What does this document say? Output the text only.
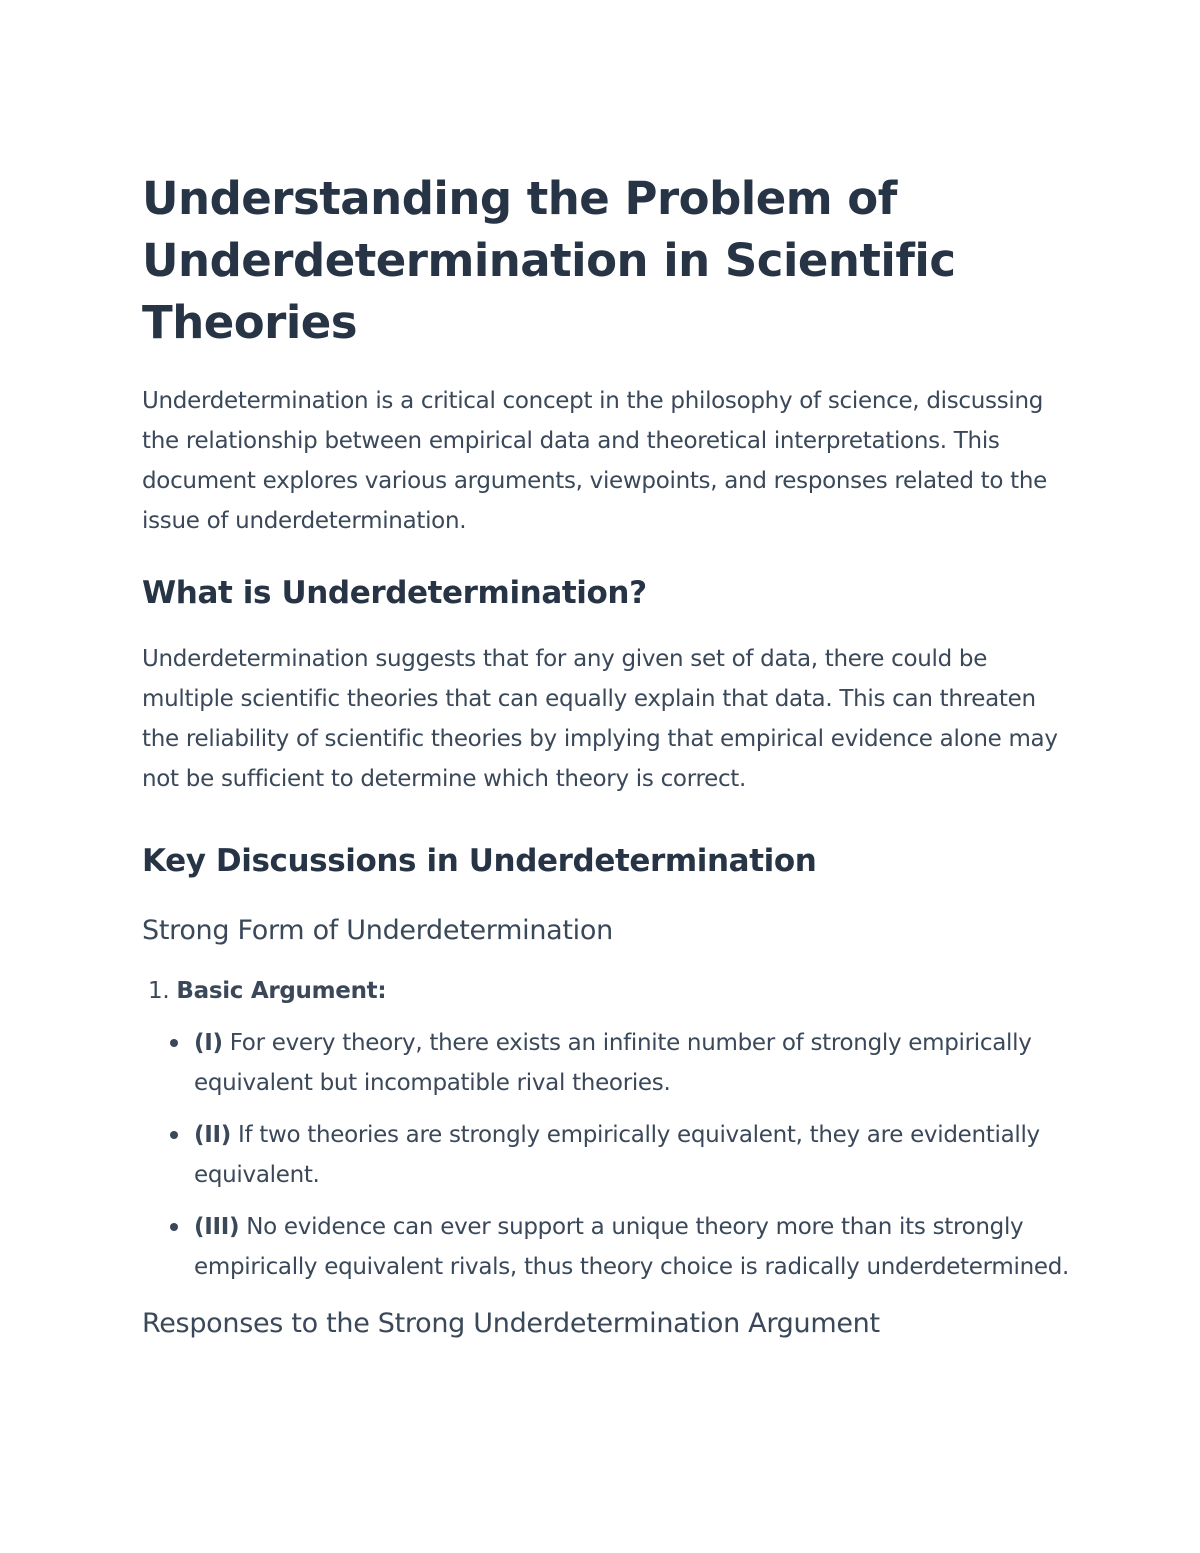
Understanding the Problem of Underdetermination in Scientific Theories

Underdetermination is a critical concept in the philosophy of science, discussing the relationship between empirical data and theoretical interpretations. This document explores various arguments, viewpoints, and responses related to the issue of underdetermination.

What is Underdetermination?

Underdetermination suggests that for any given set of data, there could be multiple scientific theories that can equally explain that data. This can threaten the reliability of scientific theories by implying that empirical evidence alone may not be sufficient to determine which theory is correct.

Key Discussions in Underdetermination
Strong Form of Underdetermination
1. Basic Argument:
(I) For every theory, there exists an infinite number of strongly empirically equivalent but incompatible rival theories.
(II) If two theories are strongly empirically equivalent, they are evidentially equivalent.
(III) No evidence can ever support a unique theory more than its strongly empirically equivalent rivals, thus theory choice is radically underdetermined.
Responses to the Strong Underdetermination Argument
